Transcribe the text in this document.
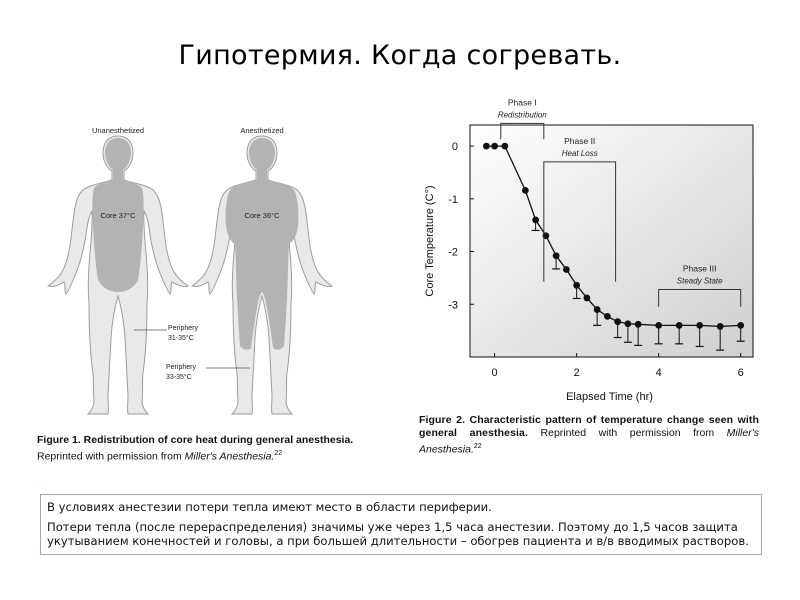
Гипотермия. Когда согревать.
Unanesthetized	Anesthetized
Core 37°C	Core 36°C
Periphery
31-35°C
Periphery
33-35°C
Figure 1. Redistribution of core heat during general anesthesia.
Reprinted with permission from Miller's Anesthesia.$^{22}$
0
-1
-2
-3
0	2	4	6
Elapsed Time (hr)
Core Temperature (C°)
Phase I
Redistribution
Phase II
Heat Loss
Phase III
Steady State
Figure 2. Characteristic pattern of temperature change seen with general anesthesia. Reprinted with permission from Miller's Anesthesia.$^{22}$

В условиях анестезии потери тепла имеют место в области периферии.

Потери тепла (после перераспределения) значимы уже через 1,5 часа анестезии. Поэтому до 1,5 часов защита укутыванием конечностей и головы, а при большей длительности – обогрев пациента и в/в вводимых растворов.
